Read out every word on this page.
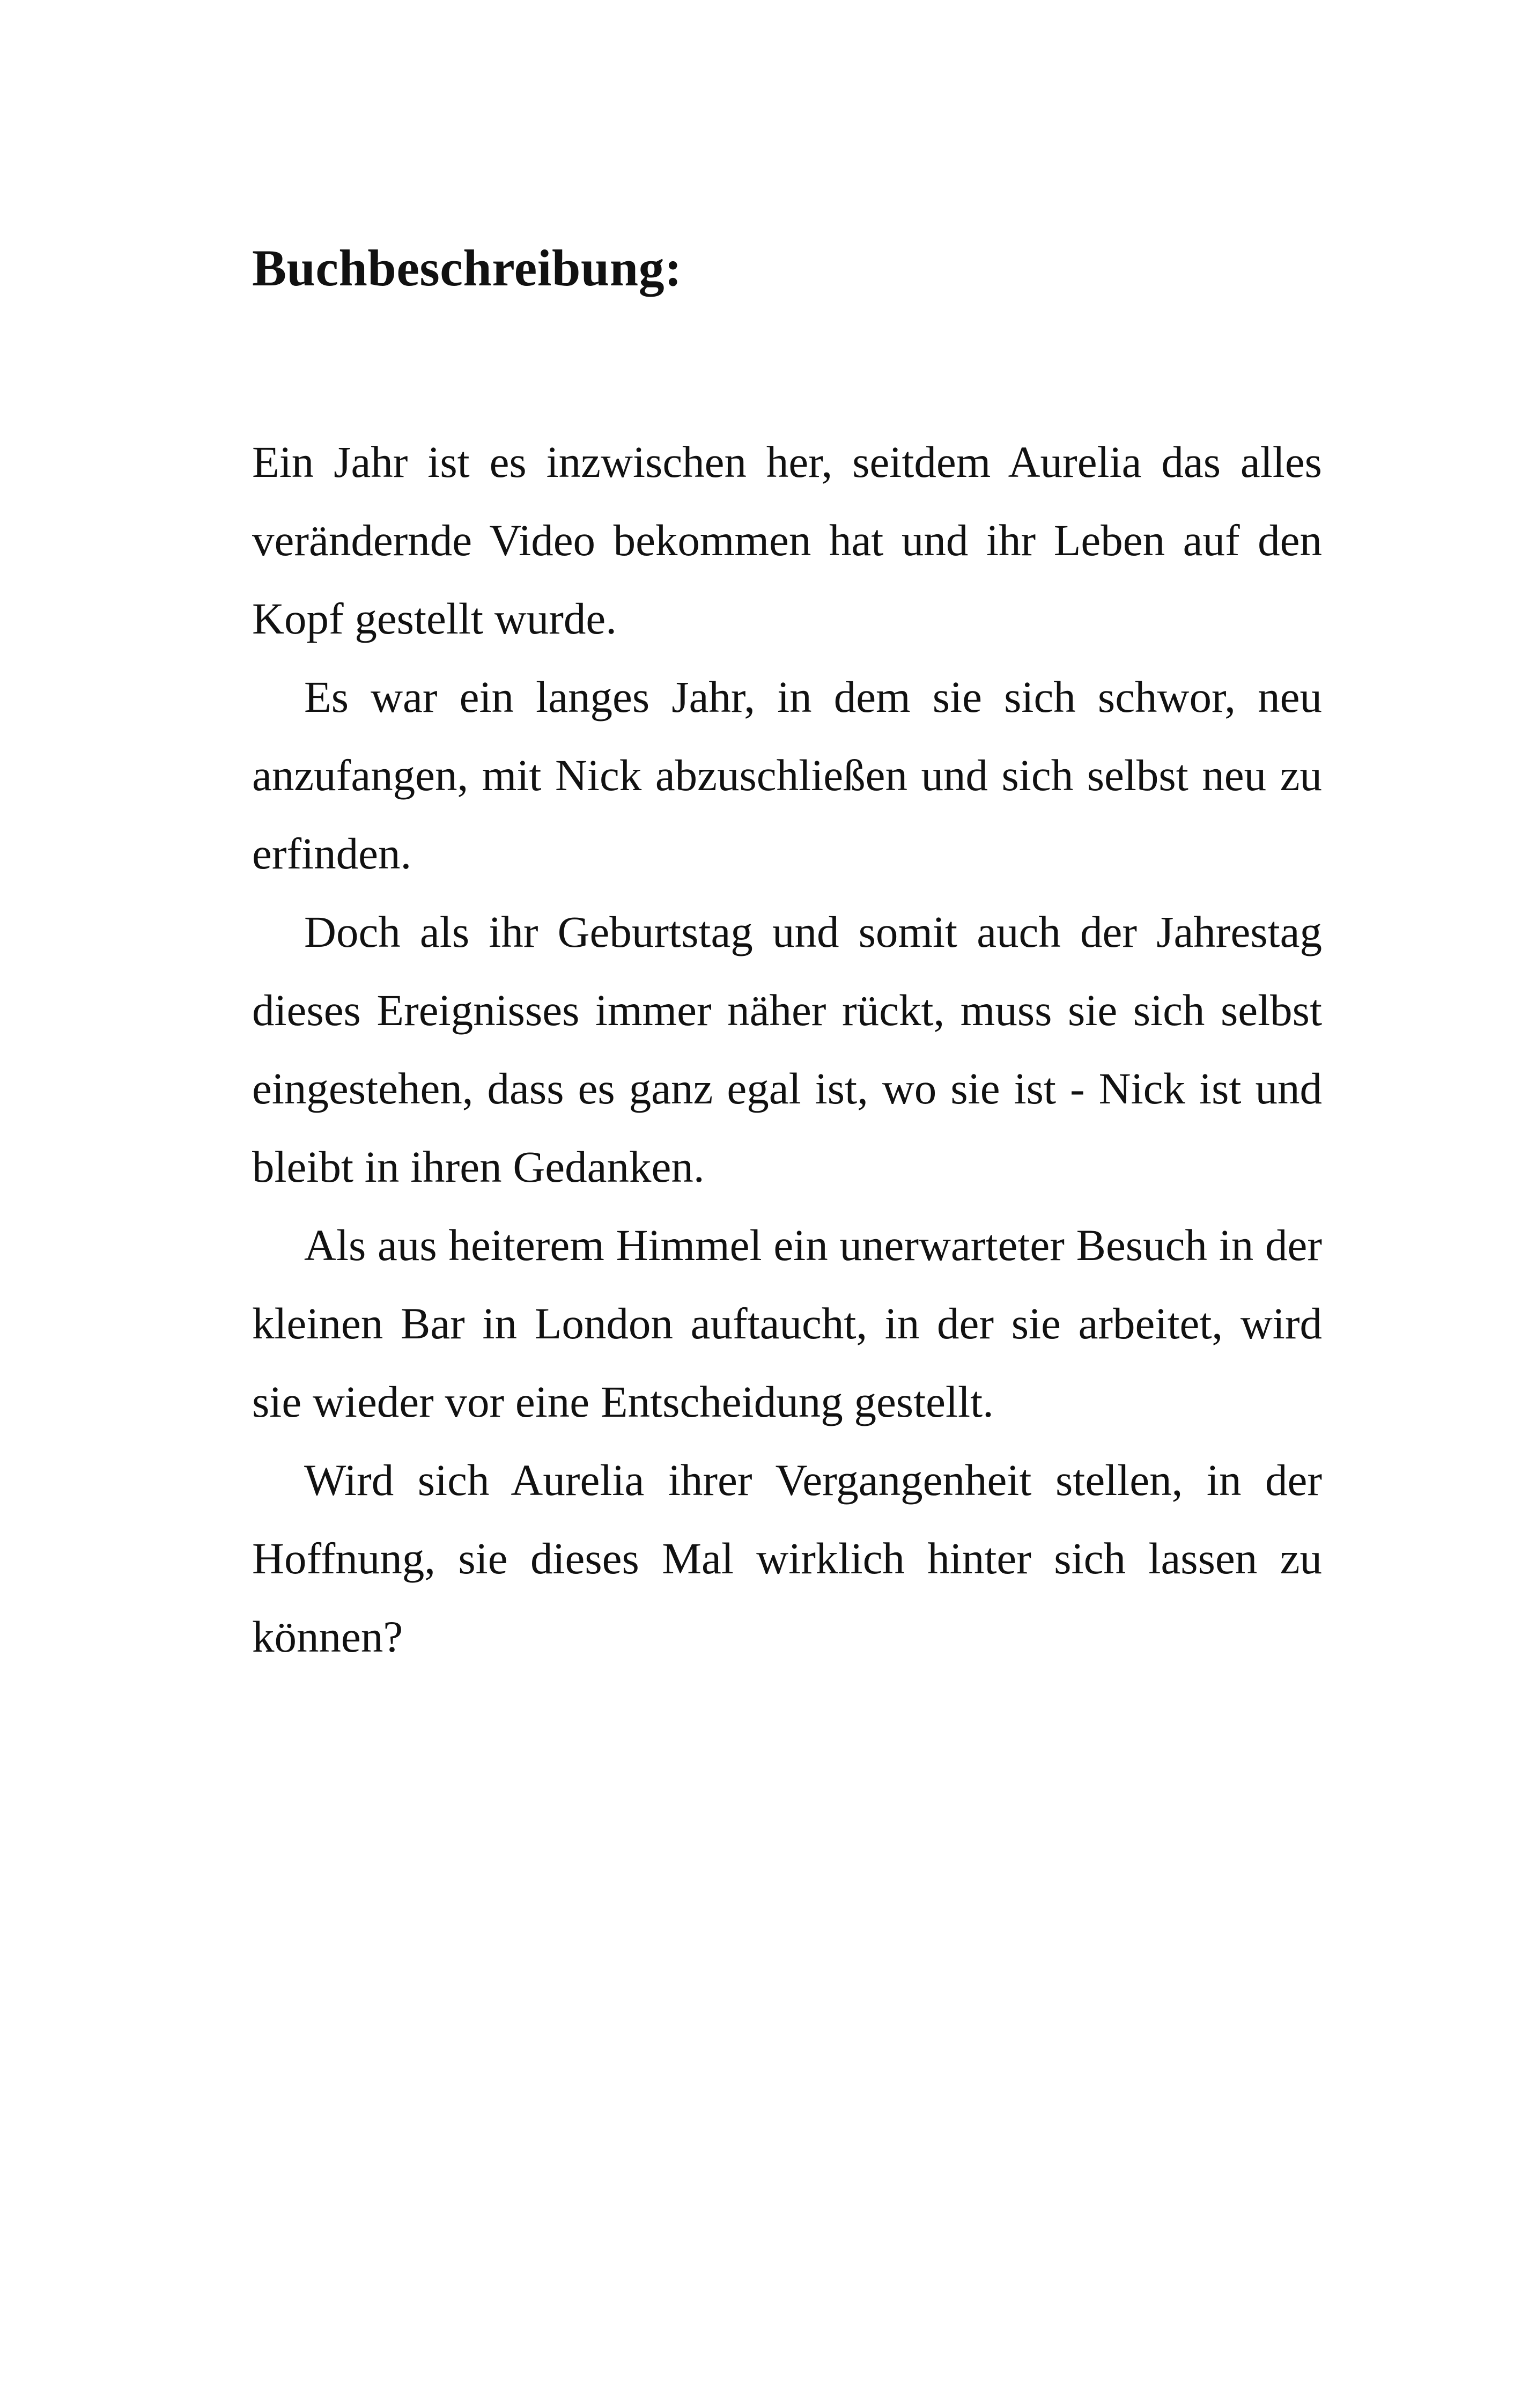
Buchbeschreibung:

Ein Jahr ist es inzwischen her, seitdem Aurelia das alles verändernde Video bekommen hat und ihr Leben auf den Kopf gestellt wurde.

Es war ein langes Jahr, in dem sie sich schwor, neu anzufangen, mit Nick abzuschließen und sich selbst neu zu erfinden.

Doch als ihr Geburtstag und somit auch der Jahrestag dieses Ereignisses immer näher rückt, muss sie sich selbst eingestehen, dass es ganz egal ist, wo sie ist - Nick ist und bleibt in ihren Gedanken.

Als aus heiterem Himmel ein unerwarteter Besuch in der kleinen Bar in London auftaucht, in der sie arbeitet, wird sie wieder vor eine Entscheidung gestellt.

Wird sich Aurelia ihrer Vergangenheit stellen, in der Hoffnung, sie dieses Mal wirklich hinter sich lassen zu können?
